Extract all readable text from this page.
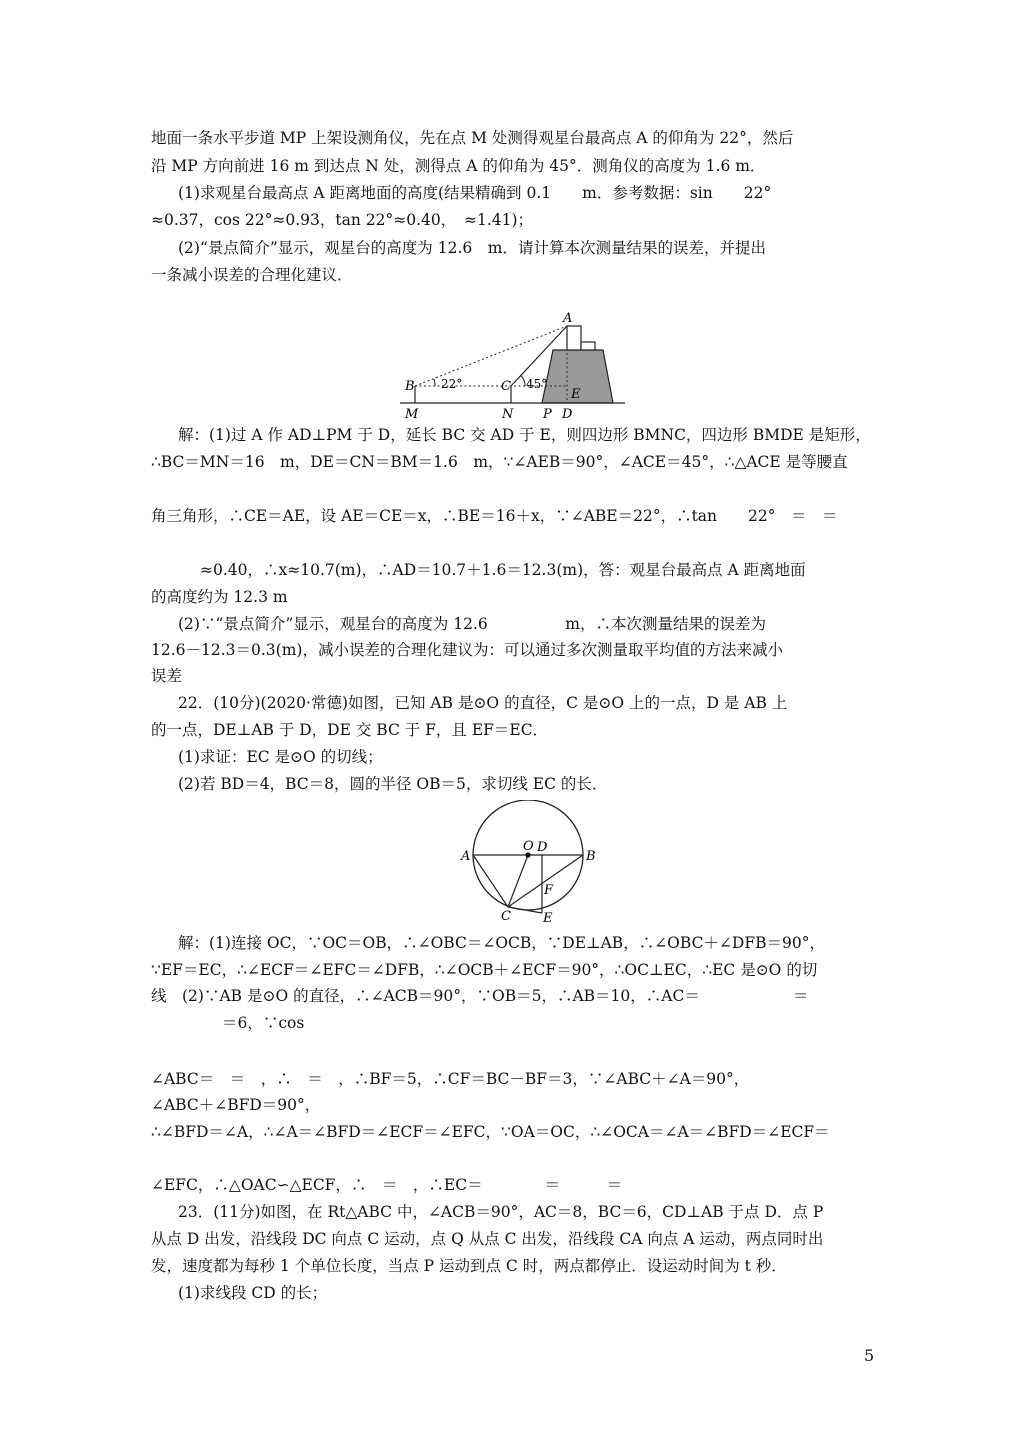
地面一条水平步道 MP 上架设测角仪，先在点 M 处测得观星台最高点 A 的仰角为 22°，然后
沿 MP 方向前进 16 m 到达点 N 处，测得点 A 的仰角为 45°．测角仪的高度为 1.6 m．
(1)求观星台最高点 A 距离地面的高度(结果精确到 0.1　　m．参考数据：sin　　22°
≈0.37，cos 22°≈0.93，tan 22°≈0.40，　≈1.41)；
(2)“景点简介”显示，观星台的高度为 12.6　m．请计算本次测量结果的误差，并提出
一条减小误差的合理化建议．
A
B	C
M	N P D
E
22°	45°
解：(1)过 A 作 AD⊥PM 于 D，延长 BC 交 AD 于 E，则四边形 BMNC，四边形 BMDE 是矩形，
∴BC＝MN＝16　m，DE＝CN＝BM＝1.6　m，∵∠AEB＝90°，∠ACE＝45°，∴△ACE 是等腰直
角三角形，∴CE＝AE，设 AE＝CE＝x，∴BE＝16＋x，∵∠ABE＝22°，∴tan　　22°　＝　＝
≈0.40，∴x≈10.7(m)，∴AD＝10.7＋1.6＝12.3(m)，答：观星台最高点 A 距离地面
的高度约为 12.3 m
(2)∵“景点简介”显示，观星台的高度为 12.6　　　　　m，∴本次测量结果的误差为
12.6－12.3＝0.3(m)，减小误差的合理化建议为：可以通过多次测量取平均值的方法来减小
误差
22．(10分)(2020·常德)如图，已知 AB 是⊙O 的直径，C 是⊙O 上的一点，D 是 AB 上
的一点，DE⊥AB 于 D，DE 交 BC 于 F，且 EF＝EC．
(1)求证：EC 是⊙O 的切线；
(2)若 BD＝4，BC＝8，圆的半径 OB＝5，求切线 EC 的长．
O D
A	B
F
C E
解：(1)连接 OC，∵OC＝OB，∴∠OBC＝∠OCB，∵DE⊥AB，∴∠OBC＋∠DFB＝90°，
∵EF＝EC，∴∠ECF＝∠EFC＝∠DFB，∴∠OCB＋∠ECF＝90°，∴OC⊥EC，∴EC 是⊙O 的切
线　(2)∵AB 是⊙O 的直径，∴∠ACB＝90°，∵OB＝5，∴AB＝10，∴AC＝　　　　　　＝
＝6，∵cos
∠ABC＝　＝　，∴　＝　，∴BF＝5，∴CF＝BC－BF＝3，∵∠ABC＋∠A＝90°，
∠ABC＋∠BFD＝90°，
∴∠BFD＝∠A，∴∠A＝∠BFD＝∠ECF＝∠EFC，∵OA＝OC，∴∠OCA＝∠A＝∠BFD＝∠ECF＝
∠EFC，∴△OAC∽△ECF，∴　＝　，∴EC＝　　　　＝　　　＝
23．(11分)如图，在 Rt△ABC 中，∠ACB＝90°，AC＝8，BC＝6，CD⊥AB 于点 D．点 P
从点 D 出发，沿线段 DC 向点 C 运动，点 Q 从点 C 出发，沿线段 CA 向点 A 运动，两点同时出
发，速度都为每秒 1 个单位长度，当点 P 运动到点 C 时，两点都停止．设运动时间为 t 秒．
(1)求线段 CD 的长；
5
